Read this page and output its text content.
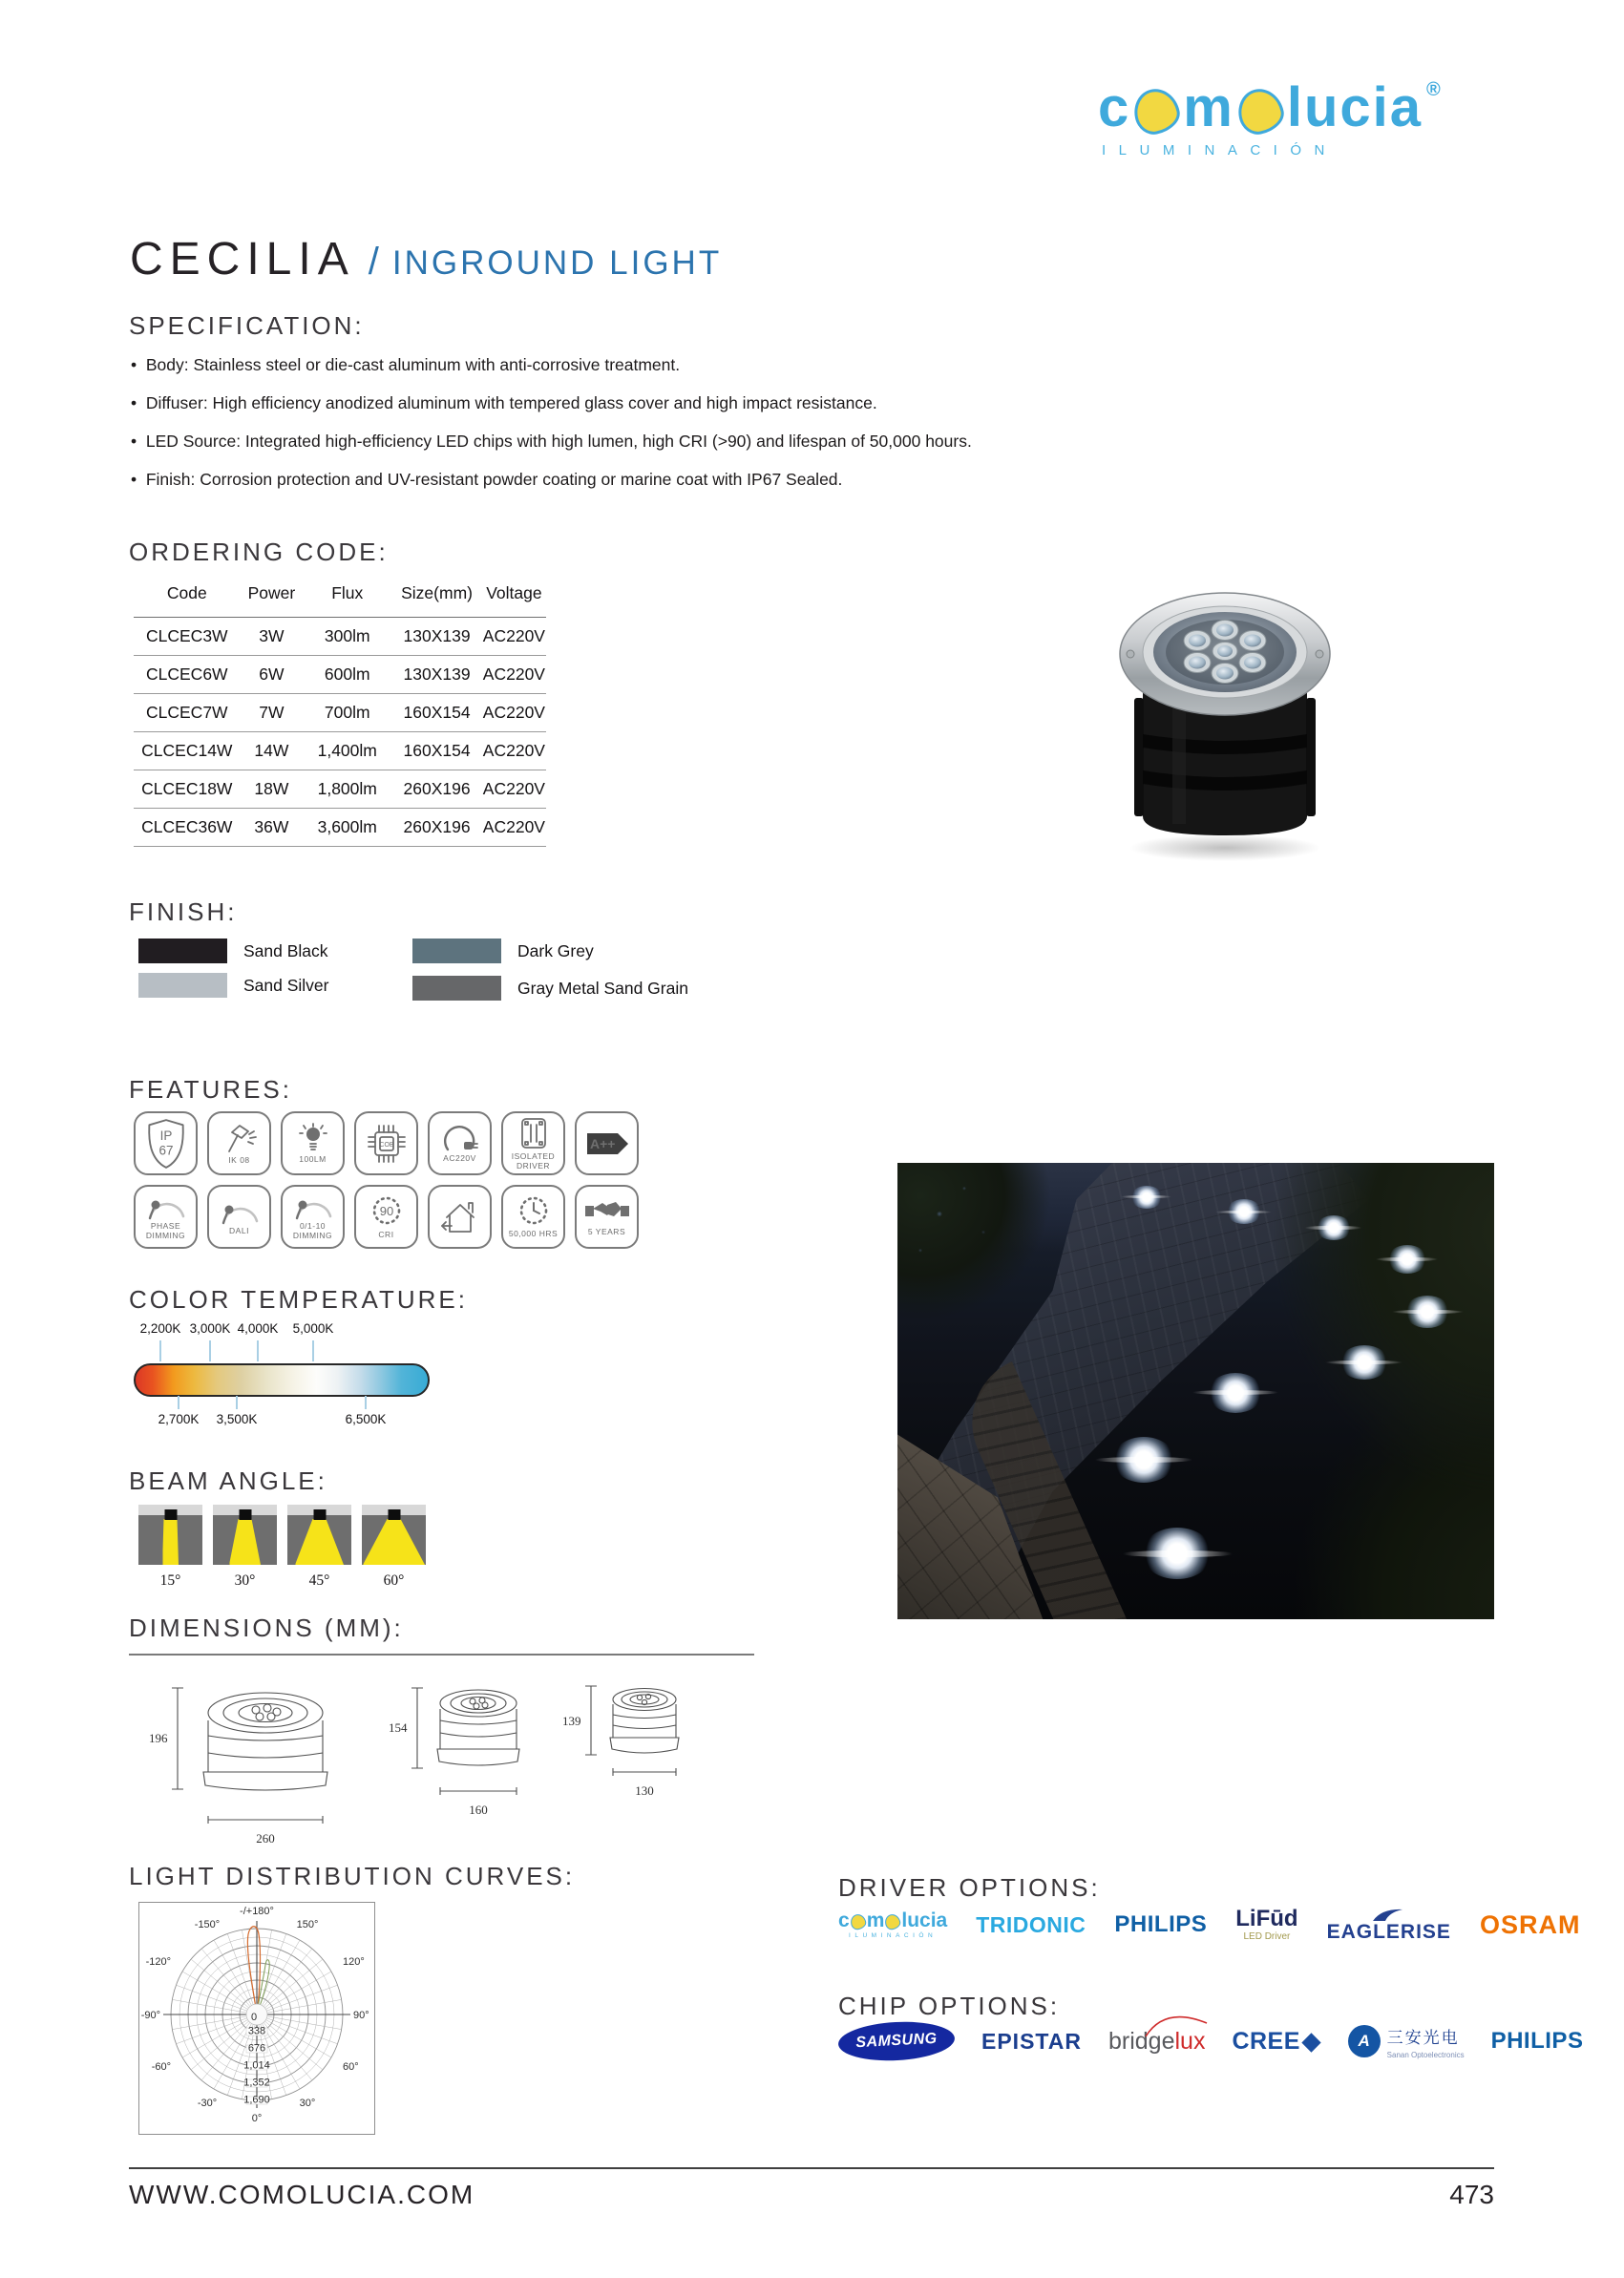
c m lucia ®
ILUMINACIÓN
CECILIA / INGROUND LIGHT
SPECIFICATION:
•  Body: Stainless steel or die-cast aluminum with anti-corrosive treatment.
•  Diffuser: High efficiency anodized aluminum with tempered glass cover and high impact resistance.
•  LED Source: Integrated high-efficiency LED chips with high lumen, high CRI (>90) and lifespan of 50,000 hours.
•  Finish: Corrosion protection and UV-resistant powder coating or marine coat with IP67 Sealed.
ORDERING CODE:
Code	Power	Flux	Size(mm)	Voltage
CLCEC3W	3W	300lm	130X139	AC220V
CLCEC6W	6W	600lm	130X139	AC220V
CLCEC7W	7W	700lm	160X154	AC220V
CLCEC14W	14W	1,400lm	160X154	AC220V
CLCEC18W	18W	1,800lm	260X196	AC220V
CLCEC36W	36W	3,600lm	260X196	AC220V
FINISH:
Sand Black
Sand Silver
Dark Grey
Gray Metal Sand Grain
FEATURES:
IP
67
IK 08	100LM
COB
AC220V	ISOLATED DRIVER
A++
PHASE DIMMING	DALI	0/1-10 DIMMING
90
CRI	50,000 HRS	5 YEARS
COLOR TEMPERATURE:
2,200K 3,000K 4,000K 5,000K
2,700K 3,500K	6,500K
BEAM ANGLE:
15°	30°	45°	60°
DIMENSIONS (MM):
196
260
154
160
139
130
LIGHT DISTRIBUTION CURVES:
-/+180°
-150°	150°
-120°	120°
-90°	90°
-60°	60°
-30°	30°
0°
0
338
676
1,014
1,352
1,690
DRIVER OPTIONS:
c m lucia
ILUMINACIÓN TRIDONIC PHILIPS LiFūd
LED Driver EAGLERISE OSRAM
CHIP OPTIONS:
SAMSUNG EPISTAR bridgelux CREE ◆	A	三安光电
Sanan Optoelectronics
PHILIPS
WWW.COMOLUCIA.COM	473
